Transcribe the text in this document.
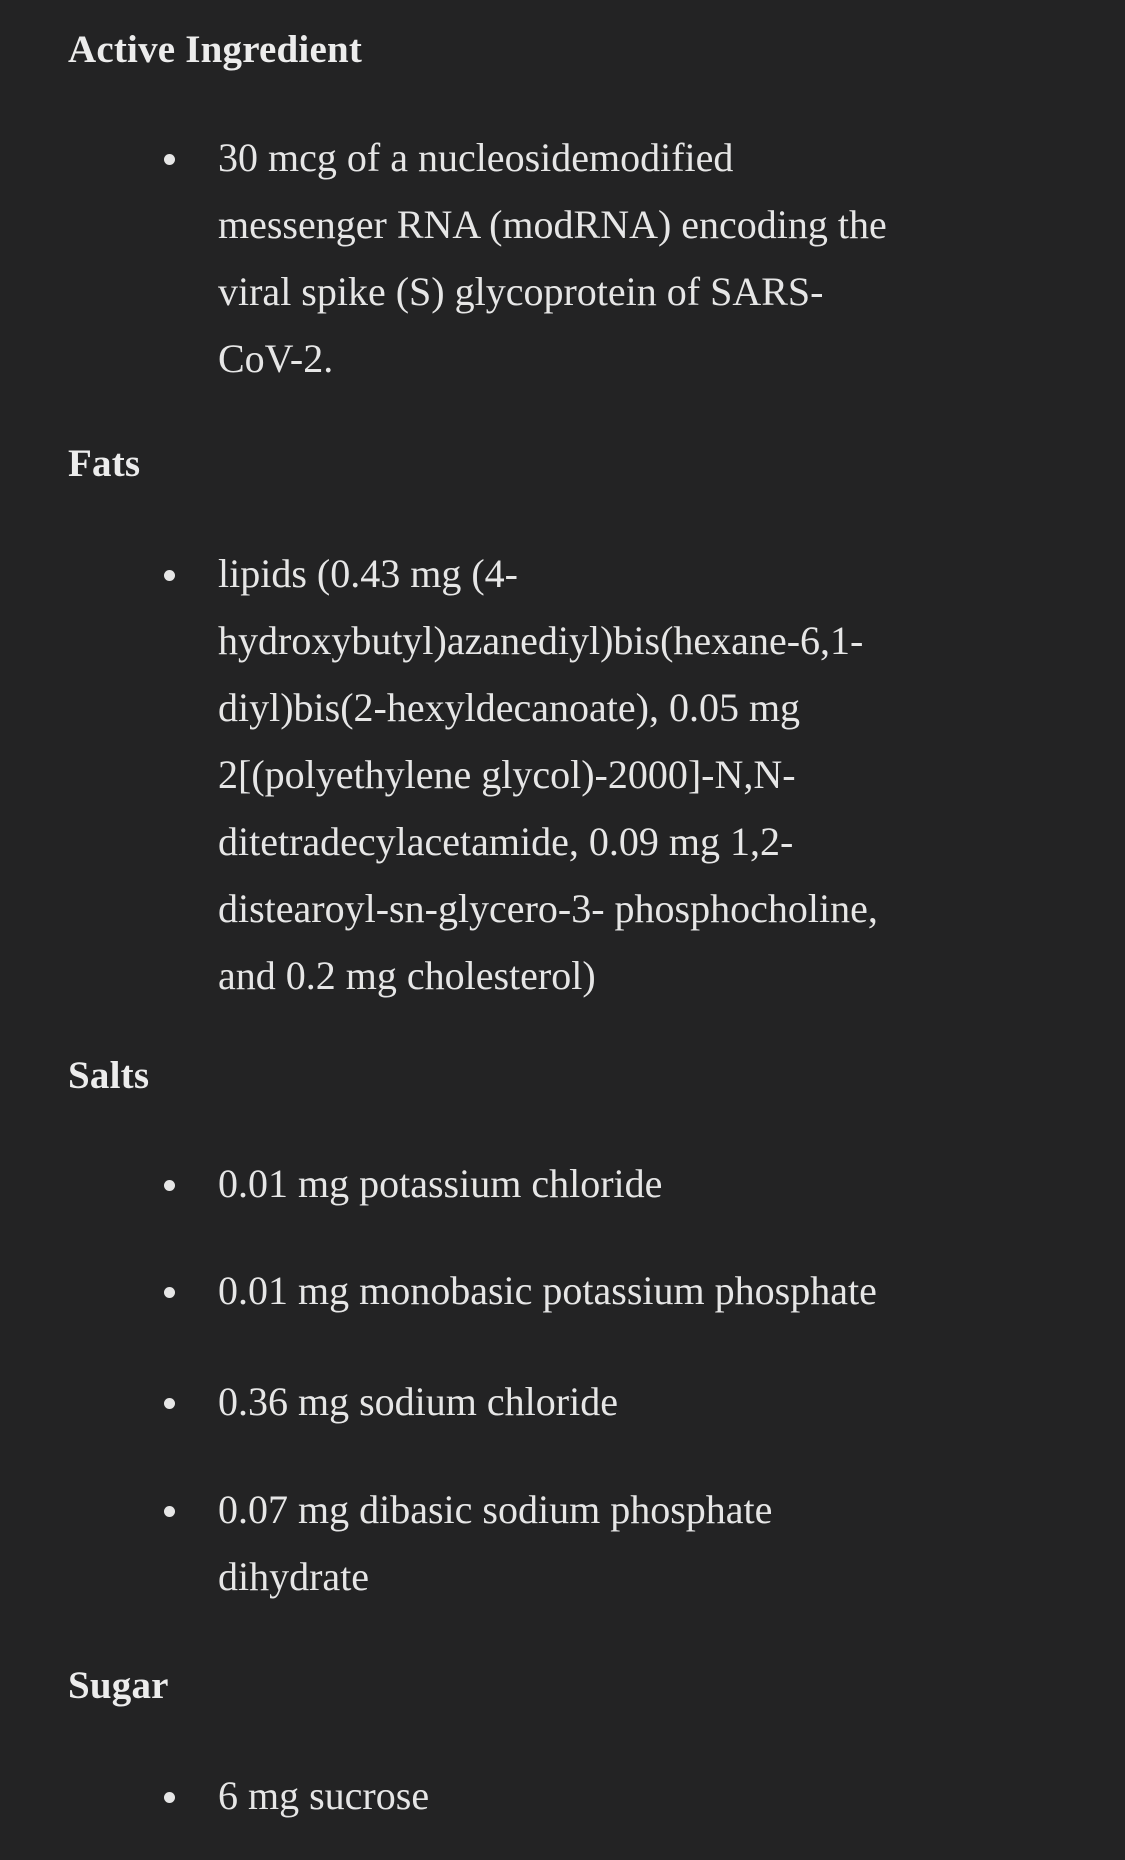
Active Ingredient
30 mcg of a nucleosidemodified
messenger RNA (modRNA) encoding the
viral spike (S) glycoprotein of SARS-
CoV-2.
Fats
lipids (0.43 mg (4-
hydroxybutyl)azanediyl)bis(hexane-6,1-
diyl)bis(2-hexyldecanoate), 0.05 mg
2[(polyethylene glycol)-2000]-N,N-
ditetradecylacetamide, 0.09 mg 1,2-
distearoyl-sn-glycero-3- phosphocholine,
and 0.2 mg cholesterol)
Salts
0.01 mg potassium chloride
0.01 mg monobasic potassium phosphate
0.36 mg sodium chloride
0.07 mg dibasic sodium phosphate
dihydrate
Sugar
6 mg sucrose
